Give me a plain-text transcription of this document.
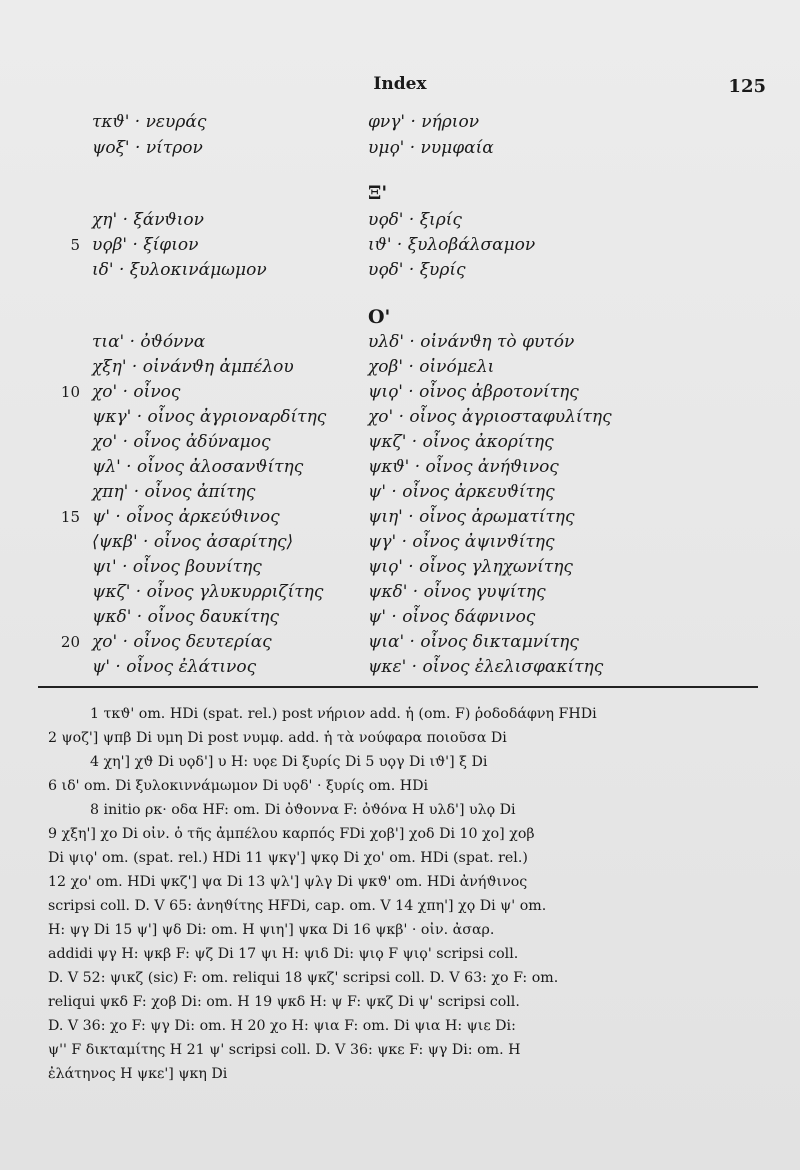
Index	125
τκϑ' · νευράς
ψοξ' · νίτρον
χη' · ξάνϑιον
5 υϙβ' · ξίφιον
ιδ' · ξυλοκινάμωμον
τια' · ὀϑόννα
χξη' · οἰνάνϑη ἀμπέλου
10 χο' · οἶνος
ψκγ' · οἶνος ἀγριοναρδίτης
χο' · οἶνος ἀδύναμος
ψλ' · οἶνος ἀλοσανϑίτης
χπη' · οἶνος ἀπίτης
15 ψ' · οἶνος ἀρκεύϑινος
⟨ψκβ' · οἶνος ἀσαρίτης⟩
ψι' · οἶνος βουνίτης
ψκζ' · οἶνος γλυκυρριζίτης
ψκδ' · οἶνος δαυκίτης
20 χο' · οἶνος δευτερίας
ψ' · οἶνος ἐλάτινος
φνγ' · νήριον
υμϙ' · νυμφαία
Ξ'
υϙδ' · ξιρίς
ιϑ' · ξυλοβάλσαμον
υϙδ' · ξυρίς
Ο'
υλδ' · οἰνάνϑη τὸ φυτόν
χοβ' · οἰνόμελι
ψιϙ' · οἶνος ἀβροτονίτης
χο' · οἶνος ἀγριοσταφυλίτης
ψκζ' · οἶνος ἀκορίτης
ψκϑ' · οἶνος ἀνήϑινος
ψ' · οἶνος ἀρκευϑίτης
ψιη' · οἶνος ἀρωματίτης
ψγ' · οἶνος ἀψινϑίτης
ψιϙ' · οἶνος γληχωνίτης
ψκδ' · οἶνος γυψίτης
ψ' · οἶνος δάφνινος
ψια' · οἶνος δικταμνίτης
ψκε' · οἶνος ἐλελισφακίτης
1 τκϑ' om. HDi (spat. rel.) post νήριον add. ἡ (om. F) ῥοδοδάφνη FHDi
2 ψοζ'] ψπβ Di υμη Di post νυμφ. add. ἡ τὰ νούφαρα ποιοῦσα Di
4 χη'] χϑ Di υϙδ'] υ H: υϙε Di ξυρίς Di 5 υϙγ Di ιϑ'] ξ Di
6 ιδ' om. Di ξυλοκιννάμωμον Di υϙδ' · ξυρίς om. HDi
8 initio ρκ· οδα HF: om. Di ὀϑοννα F: ὀϑόνα H υλδ'] υλϙ Di
9 χξη'] χο Di οἰν. ὁ τῆς ἀμπέλου καρπός FDi χοβ'] χοδ Di 10 χο] χοβ
Di ψιϙ' om. (spat. rel.) HDi 11 ψκγ'] ψκϙ Di χο' om. HDi (spat. rel.)
12 χο' om. HDi ψκζ'] ψα Di 13 ψλ'] ψλγ Di ψκϑ' om. HDi ἀνήϑινος
scripsi coll. D. V 65: ἀνηϑίτης HFDi, cap. om. V 14 χπη'] χϙ Di ψ' om.
H: ψγ Di 15 ψ'] ψδ Di: om. H ψιη'] ψκα Di 16 ψκβ' · οἰν. ἀσαρ.
addidi ψγ H: ψκβ F: ψζ Di 17 ψι H: ψιδ Di: ψιϙ F ψιϙ' scripsi coll.
D. V 52: ψικζ (sic) F: om. reliqui 18 ψκζ' scripsi coll. D. V 63: χο F: om.
reliqui ψκδ F: χοβ Di: om. H 19 ψκδ H: ψ F: ψκζ Di ψ' scripsi coll.
D. V 36: χο F: ψγ Di: om. H 20 χο H: ψια F: om. Di ψια H: ψιε Di:
ψ'' F δικταμίτης H 21 ψ' scripsi coll. D. V 36: ψκε F: ψγ Di: om. H
ἐλάτηνος H ψκε'] ψκη Di
